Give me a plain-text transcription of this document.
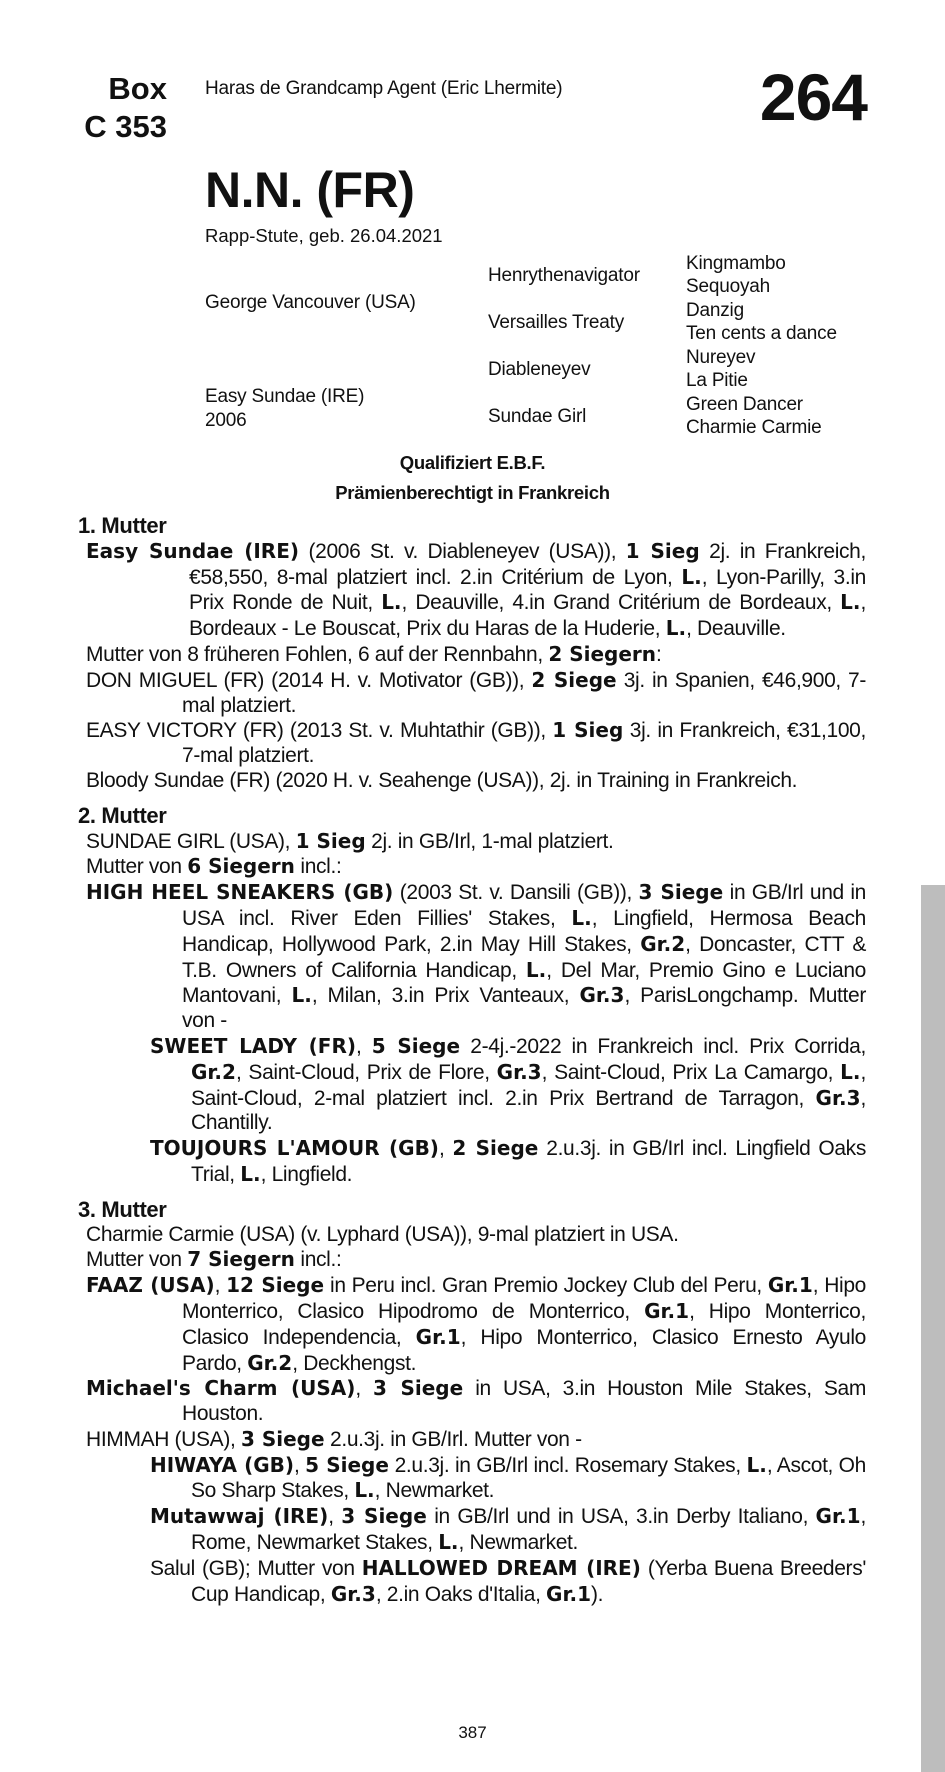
Box
C 353
Haras de Grandcamp Agent (Eric Lhermite)	264
N.N. (FR)
Rapp-Stute, geb. 26.04.2021
George Vancouver (USA)
Easy Sundae (IRE)
2006
Henrythenavigator
Versailles Treaty
Diableneyev
Sundae Girl
Kingmambo
Sequoyah
Danzig
Ten cents a dance
Nureyev
La Pitie
Green Dancer
Charmie Carmie
Qualifiziert E.B.F.
Prämienberechtigt in Frankreich
1. Mutter
Easy Sundae (IRE) (2006 St. v. Diableneyev (USA)), 1 Sieg 2j. in Frankreich, €58,550, 8-mal platziert incl. 2.in Critérium de Lyon, L., Lyon-Parilly, 3.in Prix Ronde de Nuit, L., Deauville, 4.in Grand Critérium de Bordeaux, L., Bordeaux - Le Bouscat, Prix du Haras de la Huderie, L., Deauville.
Mutter von 8 früheren Fohlen, 6 auf der Rennbahn, 2 Siegern:
DON MIGUEL (FR) (2014 H. v. Motivator (GB)), 2 Siege 3j. in Spanien, €46,900, 7-mal platziert.
EASY VICTORY (FR) (2013 St. v. Muhtathir (GB)), 1 Sieg 3j. in Frankreich, €31,100, 7-mal platziert.
Bloody Sundae (FR) (2020 H. v. Seahenge (USA)), 2j. in Training in Frankreich.
2. Mutter
SUNDAE GIRL (USA), 1 Sieg 2j. in GB/Irl, 1-mal platziert.
Mutter von 6 Siegern incl.:
HIGH HEEL SNEAKERS (GB) (2003 St. v. Dansili (GB)), 3 Siege in GB/Irl und in USA incl. River Eden Fillies' Stakes, L., Lingfield, Hermosa Beach Handicap, Hollywood Park, 2.in May Hill Stakes, Gr.2, Doncaster, CTT & T.B. Owners of California Handicap, L., Del Mar, Premio Gino e Luciano Mantovani, L., Milan, 3.in Prix Vanteaux, Gr.3, ParisLongchamp. Mutter von -
SWEET LADY (FR), 5 Siege 2-4j.-2022 in Frankreich incl. Prix Corrida, Gr.2, Saint-Cloud, Prix de Flore, Gr.3, Saint-Cloud, Prix La Camargo, L., Saint-Cloud, 2-mal platziert incl. 2.in Prix Bertrand de Tarragon, Gr.3, Chantilly.
TOUJOURS L'AMOUR (GB), 2 Siege 2.u.3j. in GB/Irl incl. Lingfield Oaks Trial, L., Lingfield.
3. Mutter
Charmie Carmie (USA) (v. Lyphard (USA)), 9-mal platziert in USA.
Mutter von 7 Siegern incl.:
FAAZ (USA), 12 Siege in Peru incl. Gran Premio Jockey Club del Peru, Gr.1, Hipo Monterrico, Clasico Hipodromo de Monterrico, Gr.1, Hipo Monterrico, Clasico Independencia, Gr.1, Hipo Monterrico, Clasico Ernesto Ayulo Pardo, Gr.2, Deckhengst.
Michael's Charm (USA), 3 Siege in USA, 3.in Houston Mile Stakes, Sam Houston.
HIMMAH (USA), 3 Siege 2.u.3j. in GB/Irl. Mutter von -
HIWAYA (GB), 5 Siege 2.u.3j. in GB/Irl incl. Rosemary Stakes, L., Ascot, Oh So Sharp Stakes, L., Newmarket.
Mutawwaj (IRE), 3 Siege in GB/Irl und in USA, 3.in Derby Italiano, Gr.1, Rome, Newmarket Stakes, L., Newmarket.
Salul (GB); Mutter von HALLOWED DREAM (IRE) (Yerba Buena Breeders' Cup Handicap, Gr.3, 2.in Oaks d'Italia, Gr.1).
387
